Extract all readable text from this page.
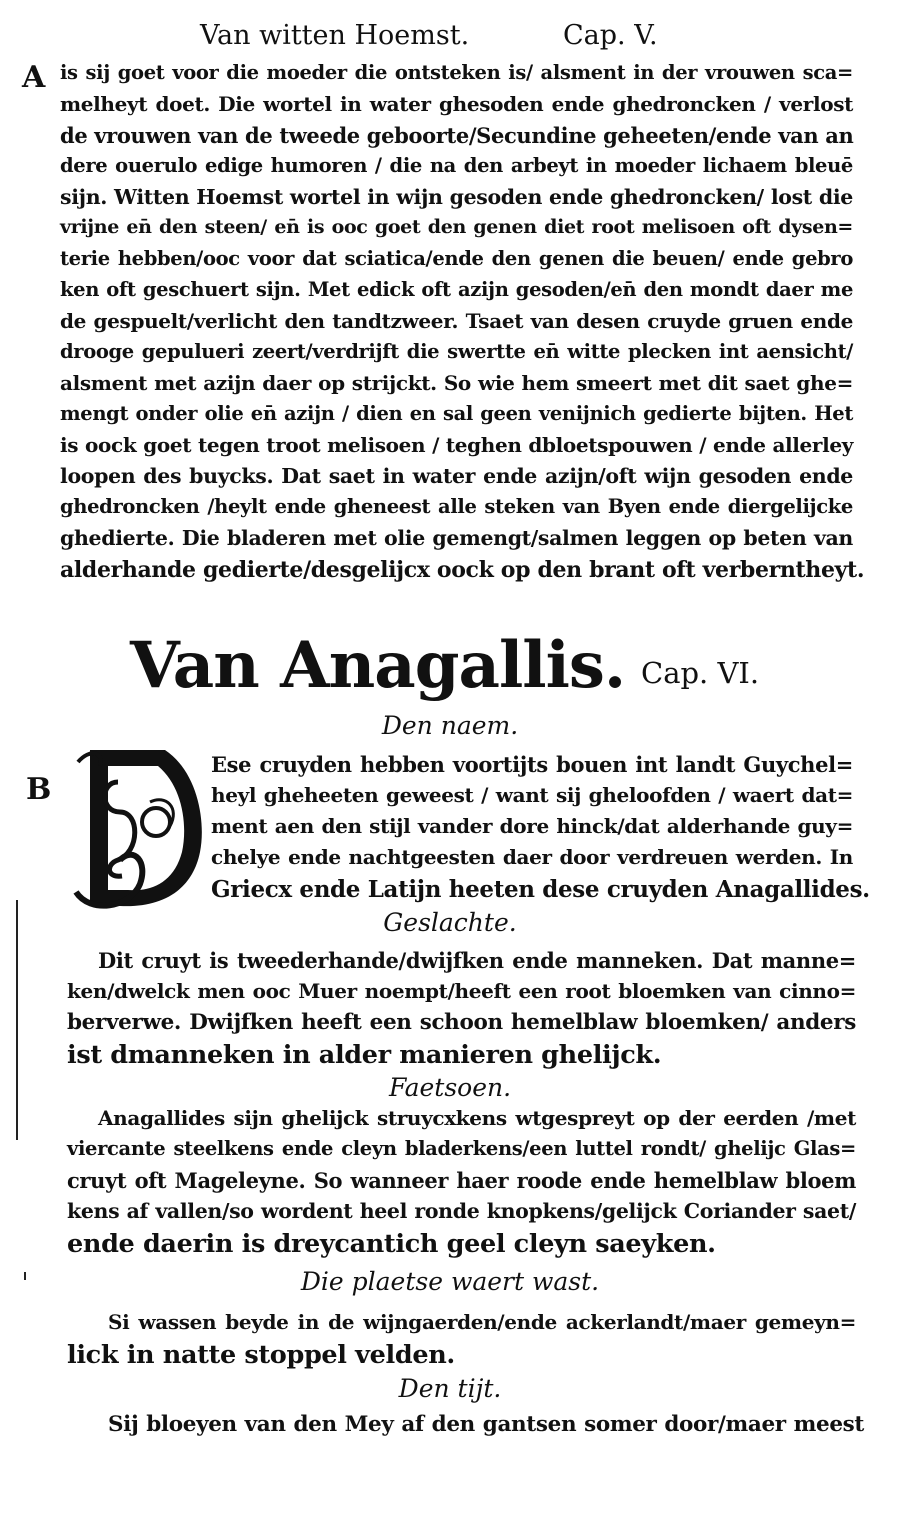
Van witten Hoemst.	Cap. V.
A is sij goet voor die moeder die ontsteken is/ alsment in der vrouwen sca=
melheyt doet. Die wortel in water ghesoden ende ghedroncken / verlost
de vrouwen van de tweede geboorte/Secundine geheeten/ende van an
dere ouerulo edige humoren / die na den arbeyt in moeder lichaem bleuē
sijn. Witten Hoemst wortel in wijn gesoden ende ghedroncken/ lost die
vrijne en̄ den steen/ en̄ is ooc goet den genen diet root melisoen oft dysen=
terie hebben/ooc voor dat sciatica/ende den genen die beuen/ ende gebro
ken oft geschuert sijn. Met edick oft azijn gesoden/en̄ den mondt daer me
de gespuelt/verlicht den tandtzweer. Tsaet van desen cruyde gruen ende
drooge gepulueri zeert/verdrijft die swertte en̄ witte plecken int aensicht/
alsment met azijn daer op strijckt. So wie hem smeert met dit saet ghe=
mengt onder olie en̄ azijn / dien en sal geen venijnich gedierte bijten. Het
is oock goet tegen troot melisoen / teghen dbloetspouwen / ende allerley
loopen des buycks. Dat saet in water ende azijn/oft wijn gesoden ende
ghedroncken /heylt ende gheneest alle steken van Byen ende diergelijcke
ghedierte. Die bladeren met olie gemengt/salmen leggen op beten van
alderhande gedierte/desgelijcx oock op den brant oft verberntheyt.
Van Anagallis. Cap. VI.
Den naem.
B
Ese cruyden hebben voortijts bouen int landt Guychel=
heyl gheheeten geweest / want sij gheloofden / waert dat=
ment aen den stijl vander dore hinck/dat alderhande guy=
chelye ende nachtgeesten daer door verdreuen werden. In
Griecx ende Latijn heeten dese cruyden Anagallides.
Geslachte.
Dit cruyt is tweederhande/dwijfken ende manneken. Dat manne=
ken/dwelck men ooc Muer noempt/heeft een root bloemken van cinno=
berverwe. Dwijfken heeft een schoon hemelblaw bloemken/ anders
ist dmanneken in alder manieren ghelijck.
Faetsoen.
Anagallides sijn ghelijck struycxkens wtgespreyt op der eerden /met
viercante steelkens ende cleyn bladerkens/een luttel rondt/ ghelijc Glas=
cruyt oft Mageleyne. So wanneer haer roode ende hemelblaw bloem
kens af vallen/so wordent heel ronde knopkens/gelijck Coriander saet/
ende daerin is dreycantich geel cleyn saeyken.
Die plaetse waert wast.
Si wassen beyde in de wijngaerden/ende ackerlandt/maer gemeyn=
lick in natte stoppel velden.
Den tijt.
Sij bloeyen van den Mey af den gantsen somer door/maer meest
